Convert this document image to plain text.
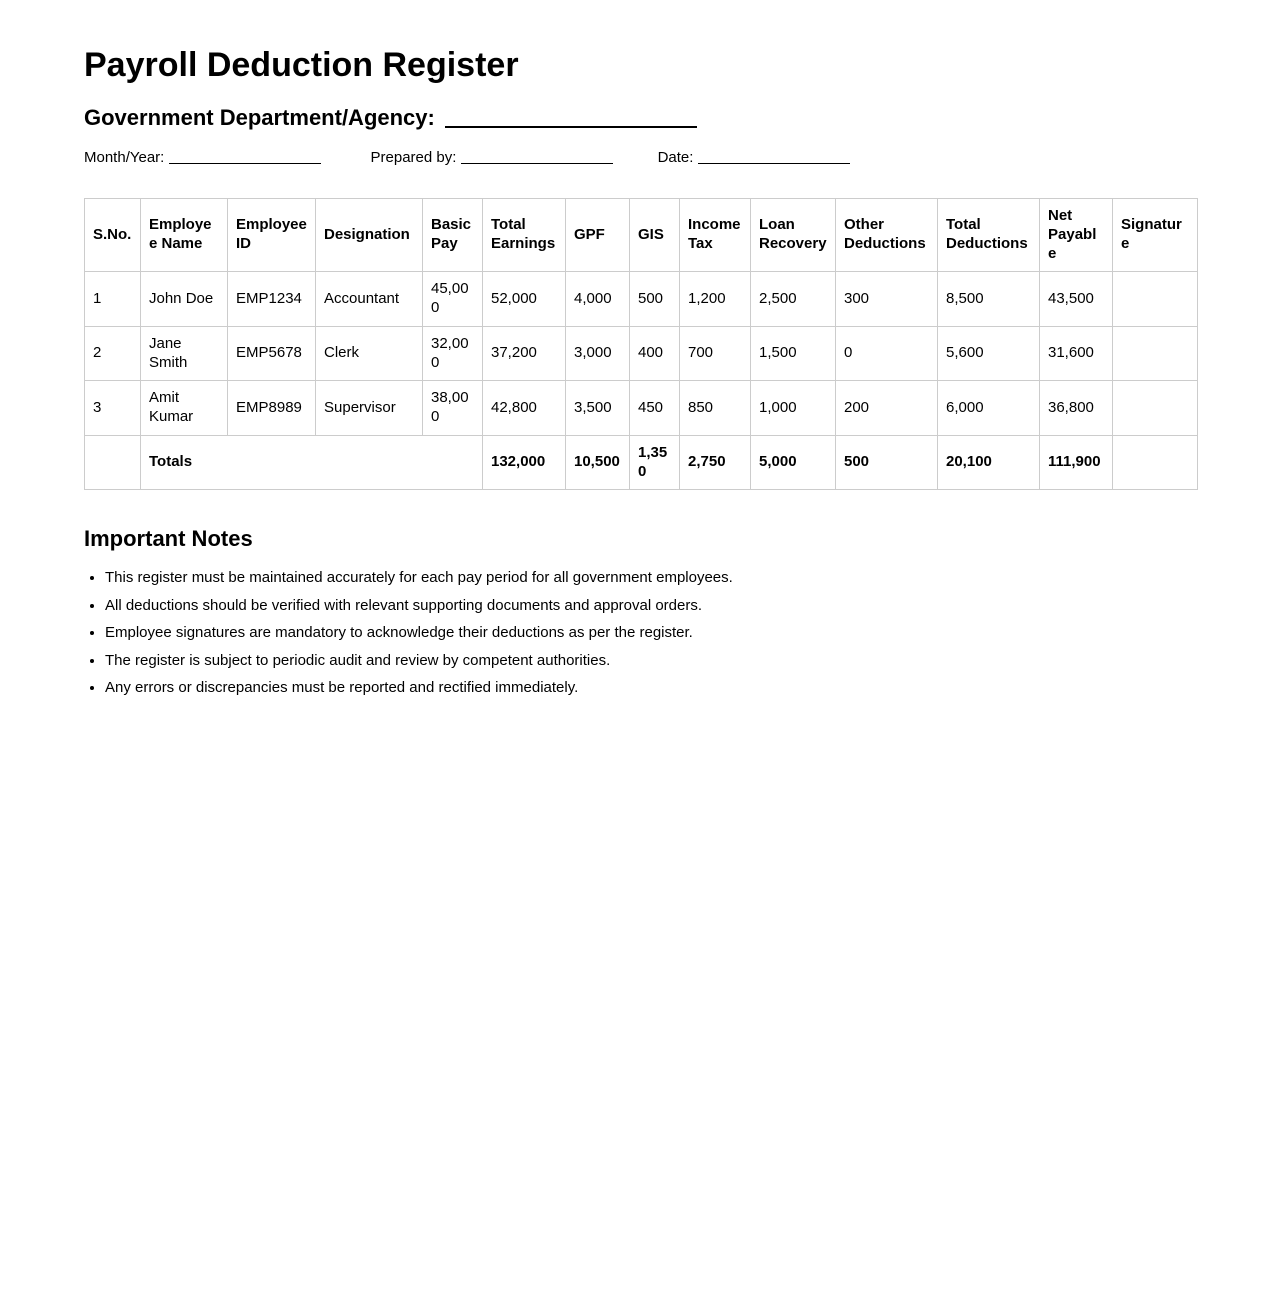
Payroll Deduction Register
Government Department/Agency:
Month/Year:	Prepared by:	Date:
S.No.	Employee Name	Employee ID	Designation	Basic Pay	Total Earnings	GPF	GIS	Income Tax	Loan Recovery	Other Deductions	Total Deductions	Net Payable	Signature
1	John Doe	EMP1234	Accountant	45,000	52,000	4,000	500	1,200	2,500	300	8,500	43,500	
2	Jane Smith	EMP5678	Clerk	32,000	37,200	3,000	400	700	1,500	0	5,600	31,600	
3	Amit Kumar	EMP8989	Supervisor	38,000	42,800	3,500	450	850	1,000	200	6,000	36,800	
	Totals				132,000	10,500	1,350	2,750	5,000	500	20,100	111,900	
Important Notes
• This register must be maintained accurately for each pay period for all government employees.
• All deductions should be verified with relevant supporting documents and approval orders.
• Employee signatures are mandatory to acknowledge their deductions as per the register.
• The register is subject to periodic audit and review by competent authorities.
• Any errors or discrepancies must be reported and rectified immediately.
